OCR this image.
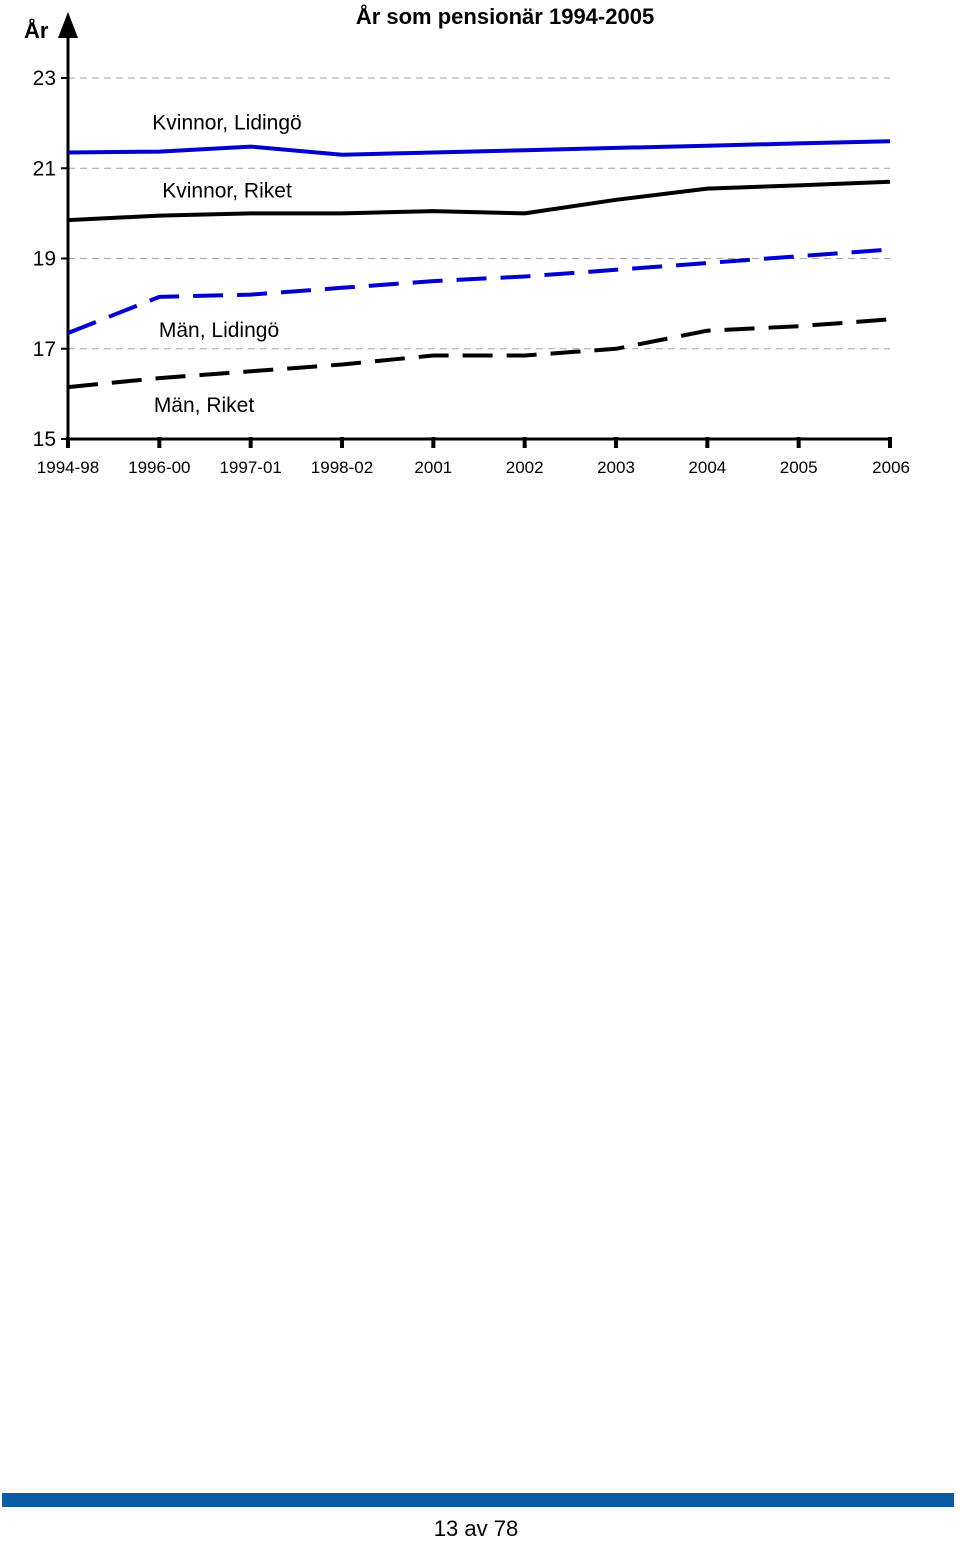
År
År som pensionär 1994-2005
Kvinnor, Lidingö
Kvinnor, Riket
Män, Lidingö
Män, Riket
15
17
19
21
23
1994-98 1996-00 1997-01 1998-02 2001	2002	2003	2004	2005	2006
13 av 78
